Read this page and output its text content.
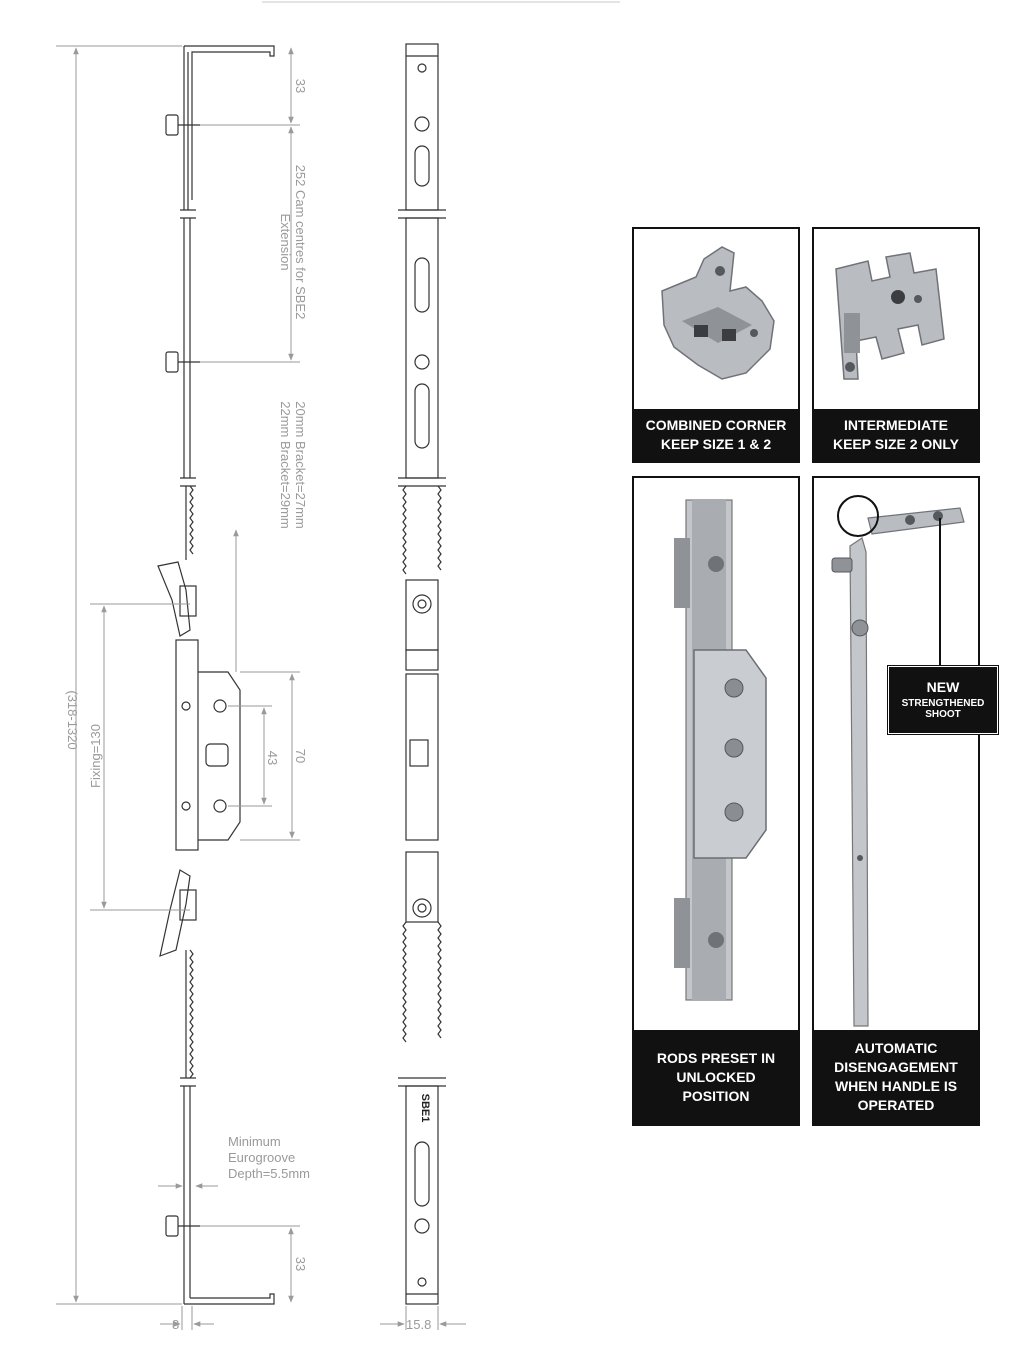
(318-1320
33
252 Cam centres for SBE2
Extension
20mm Bracket=27mm
22mm Bracket=29mm
Fixing=130	43 70
Minimum
Eurogroove
Depth=5.5mm
33
8	15.8
SBE1
COMBINED CORNER
KEEP SIZE 1 & 2
INTERMEDIATE
KEEP SIZE 2 ONLY
RODS PRESET IN
UNLOCKED
POSITION
AUTOMATIC
DISENGAGEMENT
WHEN HANDLE IS
OPERATED
NEW
STRENGTHENED SHOOT
